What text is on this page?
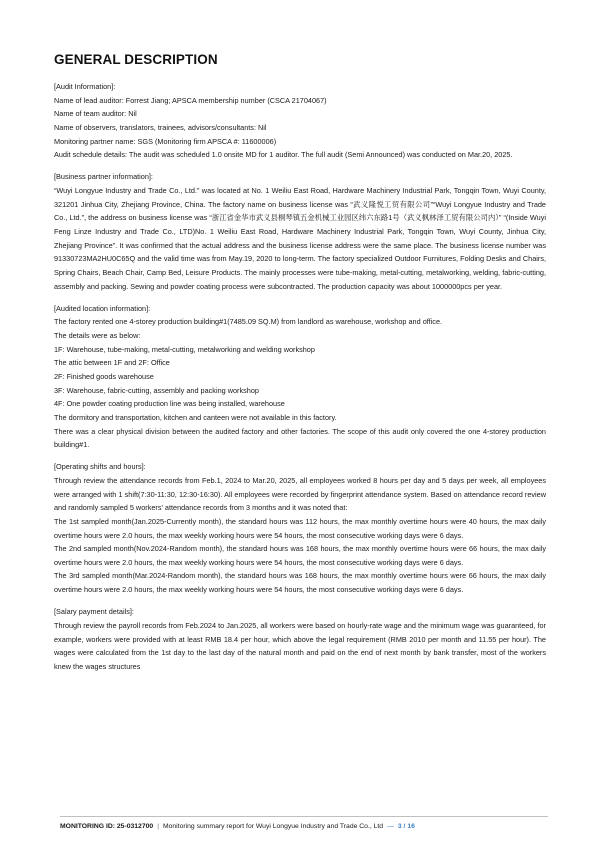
GENERAL DESCRIPTION
[Audit Information]:
Name of lead auditor: Forrest Jiang; APSCA membership number (CSCA 21704067)
Name of team auditor: Nil
Name of observers, translators, trainees, advisors/consultants: Nil
Monitoring partner name: SGS (Monitoring firm APSCA #: 11600006)
Audit schedule details: The audit was scheduled 1.0 onsite MD for 1 auditor. The full audit (Semi Announced) was conducted on Mar.20, 2025.
[Business partner information]:
“Wuyi Longyue Industry and Trade Co., Ltd.” was located at No. 1 Weiliu East Road, Hardware Machinery Industrial Park, Tongqin Town, Wuyi County, 321201 Jinhua City, Zhejiang Province, China. The factory name on business license was “武义隆悦工贸有限公司”“Wuyi Longyue Industry and Trade Co., Ltd.”, the address on business license was “浙江省金华市武义县桐琴镇五金机械工业园区纬六东路1号（武义枫林泽工贸有限公司内）” “(Inside Wuyi Feng Linze Industry and Trade Co., LTD)No. 1 Weiliu East Road, Hardware Machinery Industrial Park, Tongqin Town, Wuyi County, Jinhua City, Zhejiang Province”. It was confirmed that the actual address and the business license address were the same place. The business license number was 91330723MA2HU0C65Q and the valid time was from May.19, 2020 to long-term. The factory specialized Outdoor Furnitures, Folding Desks and Chairs, Spring Chairs, Beach Chair, Camp Bed, Leisure Products. The mainly processes were tube-making, metal-cutting, metalworking, welding, fabric-cutting, assembly and packing. Sewing and powder coating process were subcontracted. The production capacity was about 1000000pcs per year.
[Audited location information]:
The factory rented one 4-storey production building#1(7485.09 SQ.M) from landlord as warehouse, workshop and office.
The details were as below:
1F: Warehouse, tube-making, metal-cutting, metalworking and welding workshop
The attic between 1F and 2F: Office
2F: Finished goods warehouse
3F: Warehouse, fabric-cutting, assembly and packing workshop
4F: One powder coating production line was being installed, warehouse
The dormitory and transportation, kitchen and canteen were not available in this factory.
There was a clear physical division between the audited factory and other factories. The scope of this audit only covered the one 4-storey production building#1.
[Operating shifts and hours]:
Through review the attendance records from Feb.1, 2024 to Mar.20, 2025, all employees worked 8 hours per day and 5 days per week, all employees were arranged with 1 shift(7:30-11:30, 12:30-16:30). All employees were recorded by fingerprint attendance system. Based on attendance record review and randomly sampled 5 workers' attendance records from 3 months and it was noted that:
The 1st sampled month(Jan.2025-Currently month), the standard hours was 112 hours, the max monthly overtime hours were 40 hours, the max daily overtime hours were 2.0 hours, the max weekly working hours were 54 hours, the most consecutive working days were 6 days.
The 2nd sampled month(Nov.2024-Random month), the standard hours was 168 hours, the max monthly overtime hours were 66 hours, the max daily overtime hours were 2.0 hours, the max weekly working hours were 54 hours, the most consecutive working days were 6 days.
The 3rd sampled month(Mar.2024-Random month), the standard hours was 168 hours, the max monthly overtime hours were 66 hours, the max daily overtime hours were 2.0 hours, the max weekly working hours were 54 hours, the most consecutive working days were 6 days.
[Salary payment details]:
Through review the payroll records from Feb.2024 to Jan.2025, all workers were based on hourly-rate wage and the minimum wage was guaranteed, for example, workers were provided with at least RMB 18.4 per hour, which above the legal requirement (RMB 2010 per month and 11.55 per hour). The wages were calculated from the 1st day to the last day of the natural month and paid on the end of next month by bank transfer, most of the workers knew the wages structures
MONITORING ID: 25-0312700 | Monitoring summary report for Wuyi Longyue Industry and Trade Co., Ltd — 3 / 16
